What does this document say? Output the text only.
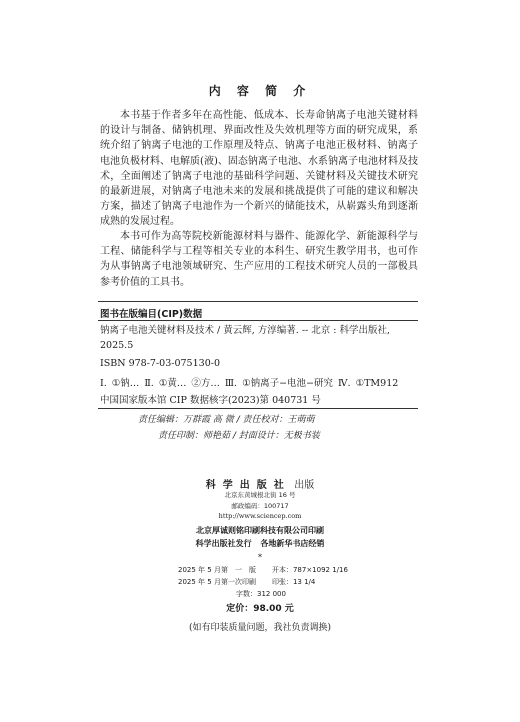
内 容 简 介

本书基于作者多年在高性能、低成本、长寿命钠离子电池关键材料的设计与制备、储钠机理、界面改性及失效机理等方面的研究成果，系统介绍了钠离子电池的工作原理及特点、钠离子电池正极材料、钠离子电池负极材料、电解质(液)、固态钠离子电池、水系钠离子电池材料及技术，全面阐述了钠离子电池的基础科学问题、关键材料及关键技术研究的最新进展，对钠离子电池未来的发展和挑战提供了可能的建议和解决方案，描述了钠离子电池作为一个新兴的储能技术，从崭露头角到逐渐成熟的发展过程。

本书可作为高等院校新能源材料与器件、能源化学、新能源科学与工程、储能科学与工程等相关专业的本科生、研究生教学用书，也可作为从事钠离子电池领域研究、生产应用的工程技术研究人员的一部极具参考价值的工具书。

图书在版编目(CIP)数据

钠离子电池关键材料及技术 / 黄云辉, 方淳编著. -- 北京 : 科学出版社, 2025.5

ISBN 978-7-03-075130-0
Ⅰ. ①钠… Ⅱ. ①黄… ②方… Ⅲ. ①钠离子−电池−研究 Ⅳ. ①TM912
中国国家版本馆 CIP 数据核字(2023)第 040731 号
责任编辑：万群霞 高 微 / 责任校对：王萌萌
责任印制：师艳茹 / 封面设计：无极书装
科学出版社 出版
北京东黄城根北街 16 号
邮政编码：100717
http://www.sciencep.com
北京厚诚则铭印刷科技有限公司印刷
科学出版社发行 各地新华书店经销
*
2025 年 5 月第　一　版 开本：787×1092 1/16
2025 年 5 月第一次印刷 印张：13 1/4
字数：312 000
定价：98.00 元
(如有印装质量问题，我社负责调换)
